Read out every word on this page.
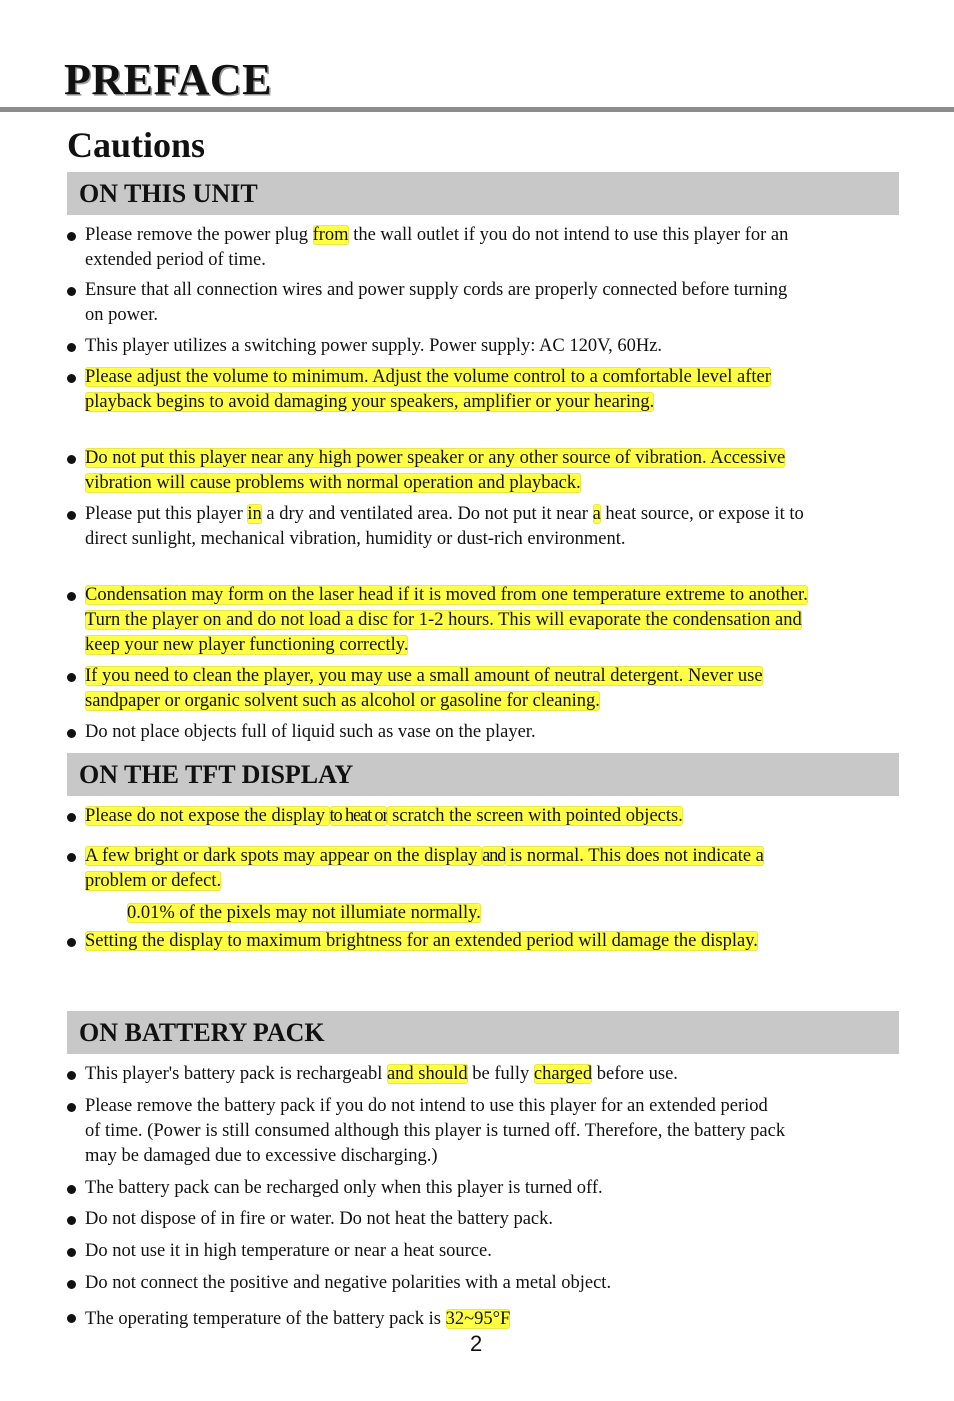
PREFACE
Cautions
ON THIS UNIT
Please remove the power plug from the wall outlet if you do not intend to use this player for an
extended period of time.
Ensure that all connection wires and power supply cords are properly connected before turning
on power.
This player utilizes a switching power supply. Power supply: AC 120V, 60Hz.
Please adjust the volume to minimum. Adjust the volume control to a comfortable level after
playback begins to avoid damaging your speakers, amplifier or your hearing.
Do not put this player near any high power speaker or any other source of vibration. Accessive
vibration will cause problems with normal operation and playback.
Please put this player in a dry and ventilated area. Do not put it near a heat source, or expose it to
direct sunlight, mechanical vibration, humidity or dust-rich environment.
Condensation may form on the laser head if it is moved from one temperature extreme to another.
Turn the player on and do not load a disc for 1-2 hours. This will evaporate the condensation and
keep your new player functioning correctly.
If you need to clean the player, you may use a small amount of neutral detergent. Never use
sandpaper or organic solvent such as alcohol or gasoline for cleaning.
Do not place objects full of liquid such as vase on the player.
ON THE TFT DISPLAY
Please do not expose the display to heat or scratch the screen with pointed objects.
A few bright or dark spots may appear on the display and is normal. This does not indicate a
problem or defect.
0.01% of the pixels may not illumiate normally.
Setting the display to maximum brightness for an extended period will damage the display.
ON BATTERY PACK
This player's battery pack is rechargeabl and should be fully charged before use.
Please remove the battery pack if you do not intend to use this player for an extended period
of time. (Power is still consumed although this player is turned off. Therefore, the battery pack
may be damaged due to excessive discharging.)
The battery pack can be recharged only when this player is turned off.
Do not dispose of in fire or water. Do not heat the battery pack.
Do not use it in high temperature or near a heat source.
Do not connect the positive and negative polarities with a metal object.
The operating temperature of the battery pack is 32~95°F
2
